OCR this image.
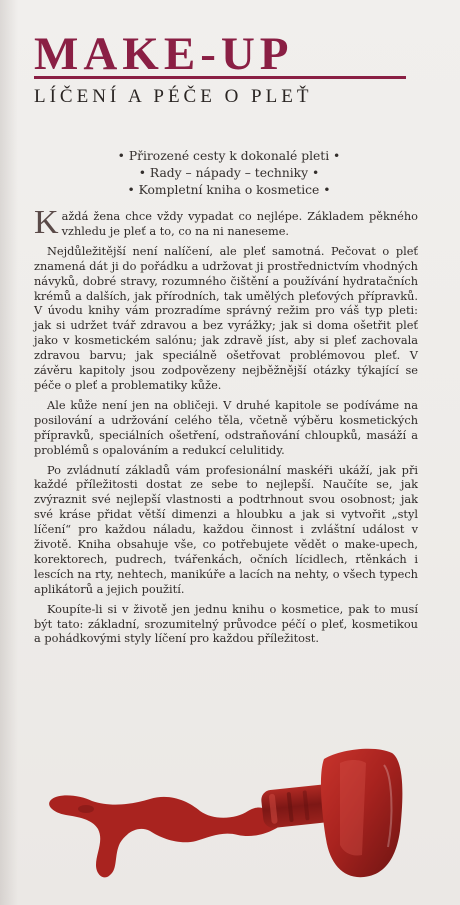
MAKE-UP
LÍČENÍ A PÉČE O PLEŤ
• Přirozené cesty k dokonalé pleti •
• Rady – nápady – techniky •
• Kompletní kniha o kosmetice •

Každá žena chce vždy vypadat co nejlépe. Základem pěkného vzhledu je pleť a to, co na ni naneseme.

Nejdůležitější není nalíčení, ale pleť samotná. Pečovat o pleť znamená dát ji do pořádku a udržovat ji prostřednictvím vhodných návyků, dobré stravy, rozumného čištění a používání hydratačních krémů a dalších, jak přírodních, tak umělých pleťových přípravků. V úvodu knihy vám prozradíme správný režim pro váš typ pleti: jak si udržet tvář zdravou a bez vyrážky; jak si doma ošetřit pleť jako v kosmetickém salónu; jak zdravě jíst, aby si pleť zachovala zdravou barvu; jak speciálně ošetřovat problémovou pleť. V závěru kapitoly jsou zodpovězeny nejběžnější otázky týkající se péče o pleť a problematiky kůže.

Ale kůže není jen na obličeji. V druhé kapitole se podíváme na posilování a udržování celého těla, včetně výběru kosmetických přípravků, speciálních ošetření, odstraňování chloupků, masáží a problémů s opalováním a redukcí celulitidy.

Po zvládnutí základů vám profesionální maskéři ukáží, jak při každé příležitosti dostat ze sebe to nejlepší. Naučíte se, jak zvýraznit své nejlepší vlastnosti a podtrhnout svou osobnost; jak své kráse přidat větší dimenzi a hloubku a jak si vytvořit „styl líčení“ pro každou náladu, každou činnost i zvláštní událost v životě. Kniha obsahuje vše, co potřebujete vědět o make-upech, korektorech, pudrech, tvářenkách, očních lícidlech, rtěnkách i lescích na rty, nehtech, manikúře a lacích na nehty, o všech typech aplikátorů a jejich použití.

Koupíte-li si v životě jen jednu knihu o kosmetice, pak to musí být tato: základní, srozumitelný průvodce péčí o pleť, kosmetikou a pohádkovými styly líčení pro každou příležitost.
